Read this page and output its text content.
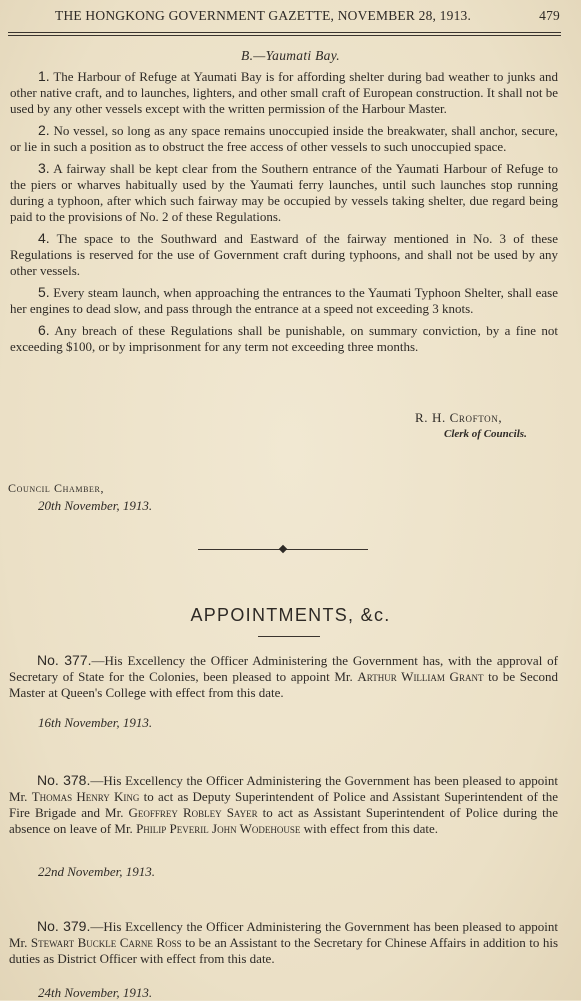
THE HONGKONG GOVERNMENT GAZETTE, NOVEMBER 28, 1913.	479
B.—Yaumati Bay.

1. The Harbour of Refuge at Yaumati Bay is for affording shelter during bad weather to junks and other native craft, and to launches, lighters, and other small craft of European construction. It shall not be used by any other vessels except with the written permission of the Harbour Master.

2. No vessel, so long as any space remains unoccupied inside the breakwater, shall anchor, secure, or lie in such a position as to obstruct the free access of other vessels to such unoccupied space.

3. A fairway shall be kept clear from the Southern entrance of the Yaumati Harbour of Refuge to the piers or wharves habitually used by the Yaumati ferry launches, until such launches stop running during a typhoon, after which such fairway may be occupied by vessels taking shelter, due regard being paid to the provisions of No. 2 of these Regulations.

4. The space to the Southward and Eastward of the fairway mentioned in No. 3 of these Regulations is reserved for the use of Government craft during typhoons, and shall not be used by any other vessels.

5. Every steam launch, when approaching the entrances to the Yaumati Typhoon Shelter, shall ease her engines to dead slow, and pass through the entrance at a speed not exceeding 3 knots.

6. Any breach of these Regulations shall be punishable, on summary conviction, by a fine not exceeding $100, or by imprisonment for any term not exceeding three months.

R. H. Crofton,
Clerk of Councils.
Council Chamber,
20th November, 1913.
APPOINTMENTS, &c.

No. 377.—His Excellency the Officer Administering the Government has, with the approval of Secretary of State for the Colonies, been pleased to appoint Mr. Arthur William Grant to be Second Master at Queen's College with effect from this date.

16th November, 1913.

No. 378.—His Excellency the Officer Administering the Government has been pleased to appoint Mr. Thomas Henry King to act as Deputy Superintendent of Police and Assistant Superintendent of the Fire Brigade and Mr. Geoffrey Robley Sayer to act as Assistant Superintendent of Police during the absence on leave of Mr. Philip Peveril John Wodehouse with effect from this date.

22nd November, 1913.

No. 379.—His Excellency the Officer Administering the Government has been pleased to appoint Mr. Stewart Buckle Carne Ross to be an Assistant to the Secretary for Chinese Affairs in addition to his duties as District Officer with effect from this date.

24th November, 1913.
